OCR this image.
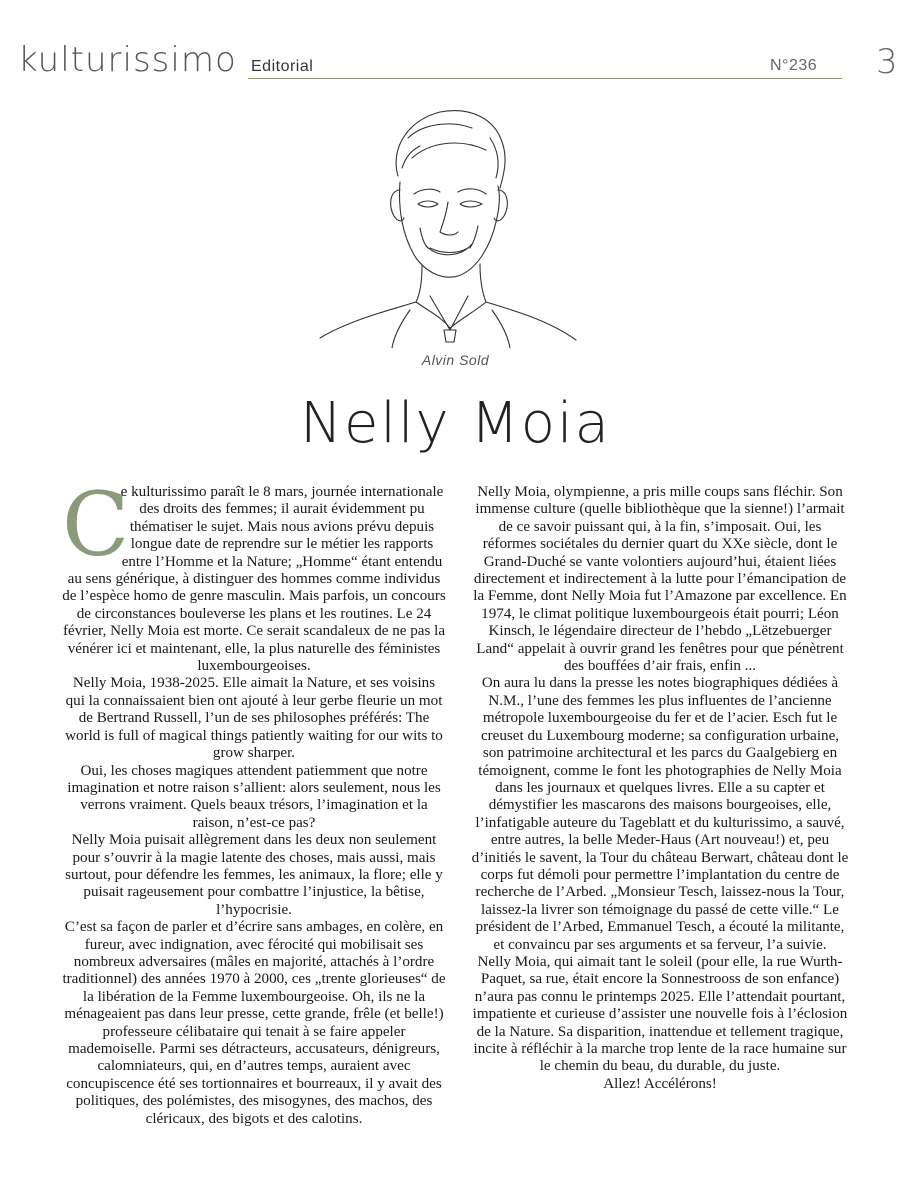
kulturissimo Editorial	N°236 3
Alvin Sold
Nelly Moia
C

e kulturissimo paraît le 8 mars, journée internationale des droits des femmes; il aurait évidemment pu thématiser le sujet. Mais nous avions prévu depuis longue date de reprendre sur le métier les rapports entre l’Homme et la Nature; „Homme“ étant entendu au sens générique, à distinguer des hommes comme individus de l’espèce homo de genre masculin. Mais parfois, un concours de circonstances bouleverse les plans et les routines. Le 24 février, Nelly Moia est morte. Ce serait scandaleux de ne pas la vénérer ici et maintenant, elle, la plus naturelle des féministes luxembourgeoises.

Nelly Moia, 1938-2025. Elle aimait la Nature, et ses voisins qui la connaissaient bien ont ajouté à leur gerbe fleurie un mot de Bertrand Russell, l’un de ses philosophes préférés: The world is full of magical things patiently waiting for our wits to grow sharper.

Oui, les choses magiques attendent patiemment que notre imagination et notre raison s’allient: alors seulement, nous les verrons vraiment. Quels beaux trésors, l’imagination et la raison, n’est-ce pas?

Nelly Moia puisait allègrement dans les deux non seulement pour s’ouvrir à la magie latente des choses, mais aussi, mais surtout, pour défendre les femmes, les animaux, la flore; elle y puisait rageusement pour combattre l’injustice, la bêtise, l’hypocrisie.

C’est sa façon de parler et d’écrire sans ambages, en colère, en fureur, avec indignation, avec férocité qui mobilisait ses nombreux adversaires (mâles en majorité, attachés à l’ordre traditionnel) des années 1970 à 2000, ces „trente glorieuses“ de la libération de la Femme luxembourgeoise. Oh, ils ne la ménageaient pas dans leur presse, cette grande, frêle (et belle!) professeure célibataire qui tenait à se faire appeler mademoiselle. Parmi ses détracteurs, accusateurs, dénigreurs, calomniateurs, qui, en d’autres temps, auraient avec concupiscence été ses tortionnaires et bourreaux, il y avait des politiques, des polémistes, des misogynes, des machos, des cléricaux, des bigots et des calotins.

Nelly Moia, olympienne, a pris mille coups sans fléchir. Son immense culture (quelle bibliothèque que la sienne!) l’armait de ce savoir puissant qui, à la fin, s’imposait. Oui, les réformes sociétales du dernier quart du XXe siècle, dont le Grand-Duché se vante volontiers aujourd’hui, étaient liées directement et indirectement à la lutte pour l’émancipation de la Femme, dont Nelly Moia fut l’Amazone par excellence. En 1974, le climat politique luxembourgeois était pourri; Léon Kinsch, le légendaire directeur de l’hebdo „Lëtzebuerger Land“ appelait à ouvrir grand les fenêtres pour que pénètrent des bouffées d’air frais, enfin ...

On aura lu dans la presse les notes biographiques dédiées à N.M., l’une des femmes les plus influentes de l’ancienne métropole luxembourgeoise du fer et de l’acier. Esch fut le creuset du Luxembourg moderne; sa configuration urbaine, son patrimoine architectural et les parcs du Gaalgebierg en témoignent, comme le font les photographies de Nelly Moia dans les journaux et quelques livres. Elle a su capter et démystifier les mascarons des maisons bourgeoises, elle, l’infatigable auteure du Tageblatt et du kulturissimo, a sauvé, entre autres, la belle Meder-Haus (Art nouveau!) et, peu d’initiés le savent, la Tour du château Berwart, château dont le corps fut démoli pour permettre l’implantation du centre de recherche de l’Arbed. „Monsieur Tesch, laissez-nous la Tour, laissez-la livrer son témoignage du passé de cette ville.“ Le président de l’Arbed, Emmanuel Tesch, a écouté la militante, et convaincu par ses arguments et sa ferveur, l’a suivie.

Nelly Moia, qui aimait tant le soleil (pour elle, la rue Wurth-Paquet, sa rue, était encore la Sonnestrooss de son enfance) n’aura pas connu le printemps 2025. Elle l’attendait pourtant, impatiente et curieuse d’assister une nouvelle fois à l’éclosion de la Nature. Sa disparition, inattendue et tellement tragique, incite à réfléchir à la marche trop lente de la race humaine sur le chemin du beau, du durable, du juste.

Allez! Accélérons!
